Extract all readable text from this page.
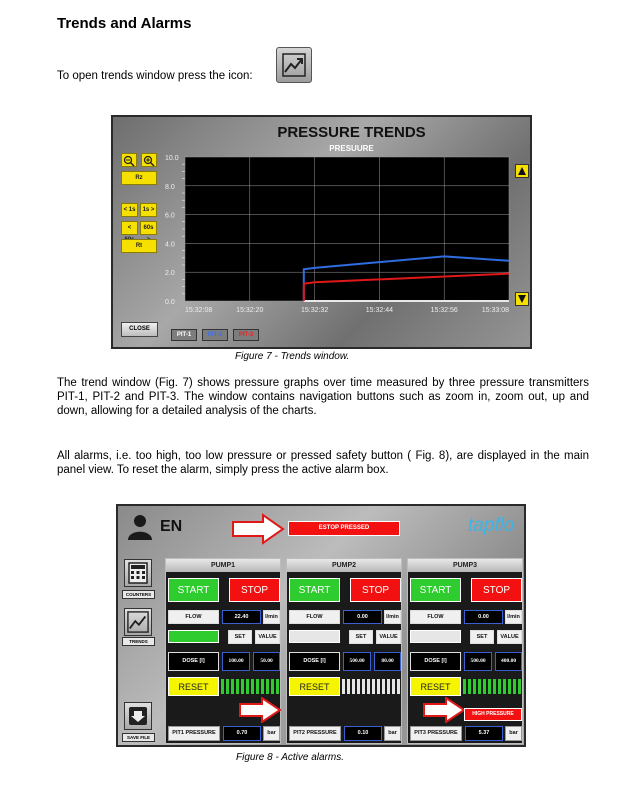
Trends and Alarms
To open trends window press the icon:
PRESSURE TRENDS
PRESUURE
Rz
< 1s	1s >
<	60s
Rt
10.0
8.0
6.0
4.0
2.0
0.0
15:32:08	15:32:20	15:32:32	15:32:44	15:32:56	15:33:08
CLOSE
PIT-1	PIT-2	PIT-3
Figure 7 - Trends window.
The trend window (Fig. 7) shows pressure graphs over time measured by three pressure transmitters PIT-1, PIT-2 and PIT-3. The window contains navigation buttons such as zoom in, zoom out, up and down, allowing for a detailed analysis of the charts.
All alarms, i.e. too high, too low pressure or pressed safety button ( Fig. 8), are displayed in the main panel view. To reset the alarm, simply press the active alarm box.
EN	ESTOP PRESSED	tapflo
COUNTERS
TRENDS
SAVE FILE
PUMP1
START	STOP
FLOW	22.40	l/min
SET	VALUE
DOSE [l]	100.00	50.00
RESET
PIT1 PRESSURE	0.70	bar
PUMP2
START	STOP
FLOW	0.00	l/min
SET	VALUE
DOSE [l]	500.00	80.00
RESET
PIT2 PRESSURE	0.10	bar
PUMP3
START	STOP
FLOW	0.00	l/min
SET	VALUE
DOSE [l]	500.00	400.00
RESET
HIGH PRESSURE
PIT3 PRESSURE	5.37	bar
Figure 8 - Active alarms.
